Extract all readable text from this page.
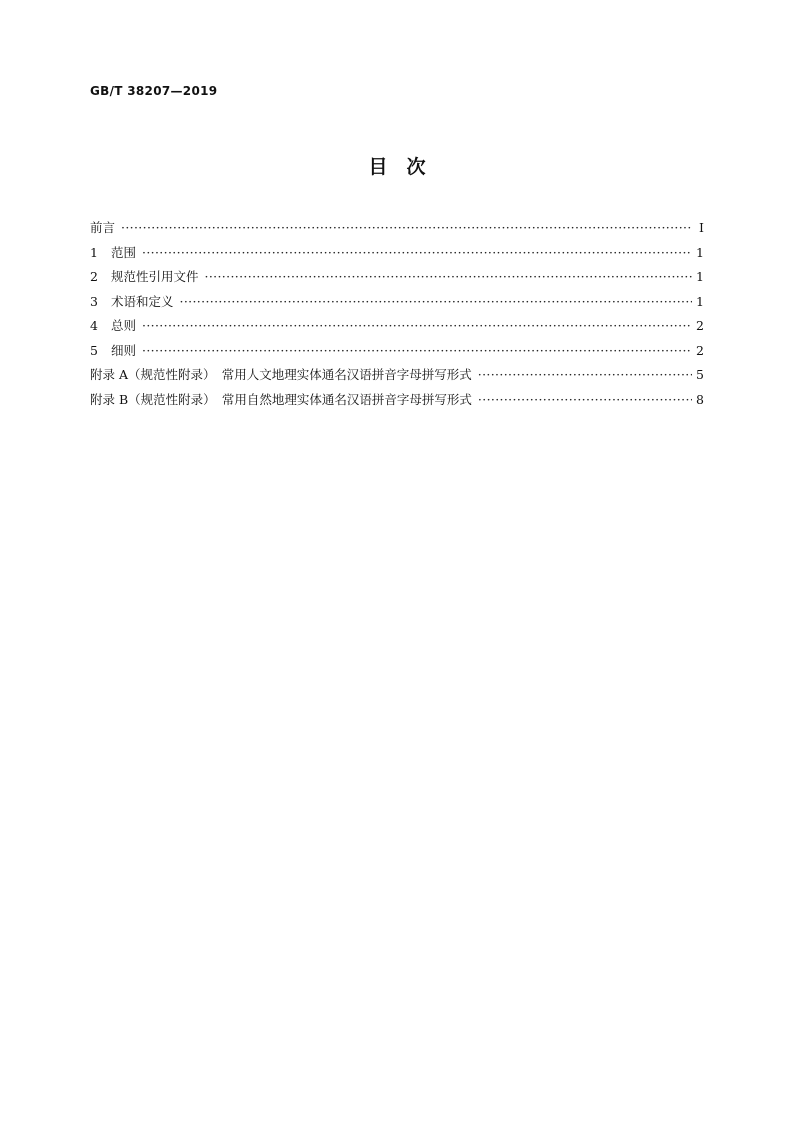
GB/T 38207—2019
目　次
前言 ·····	I
1 范围 ·····	1
2 规范性引用文件 ·····	1
3 术语和定义 ·····	1
4 总则 ·····	2
5 细则 ·····	2
附录 A（规范性附录）　常用人文地理实体通名汉语拼音字母拼写形式 ·····	5
附录 B（规范性附录）　常用自然地理实体通名汉语拼音字母拼写形式 ·····	8
